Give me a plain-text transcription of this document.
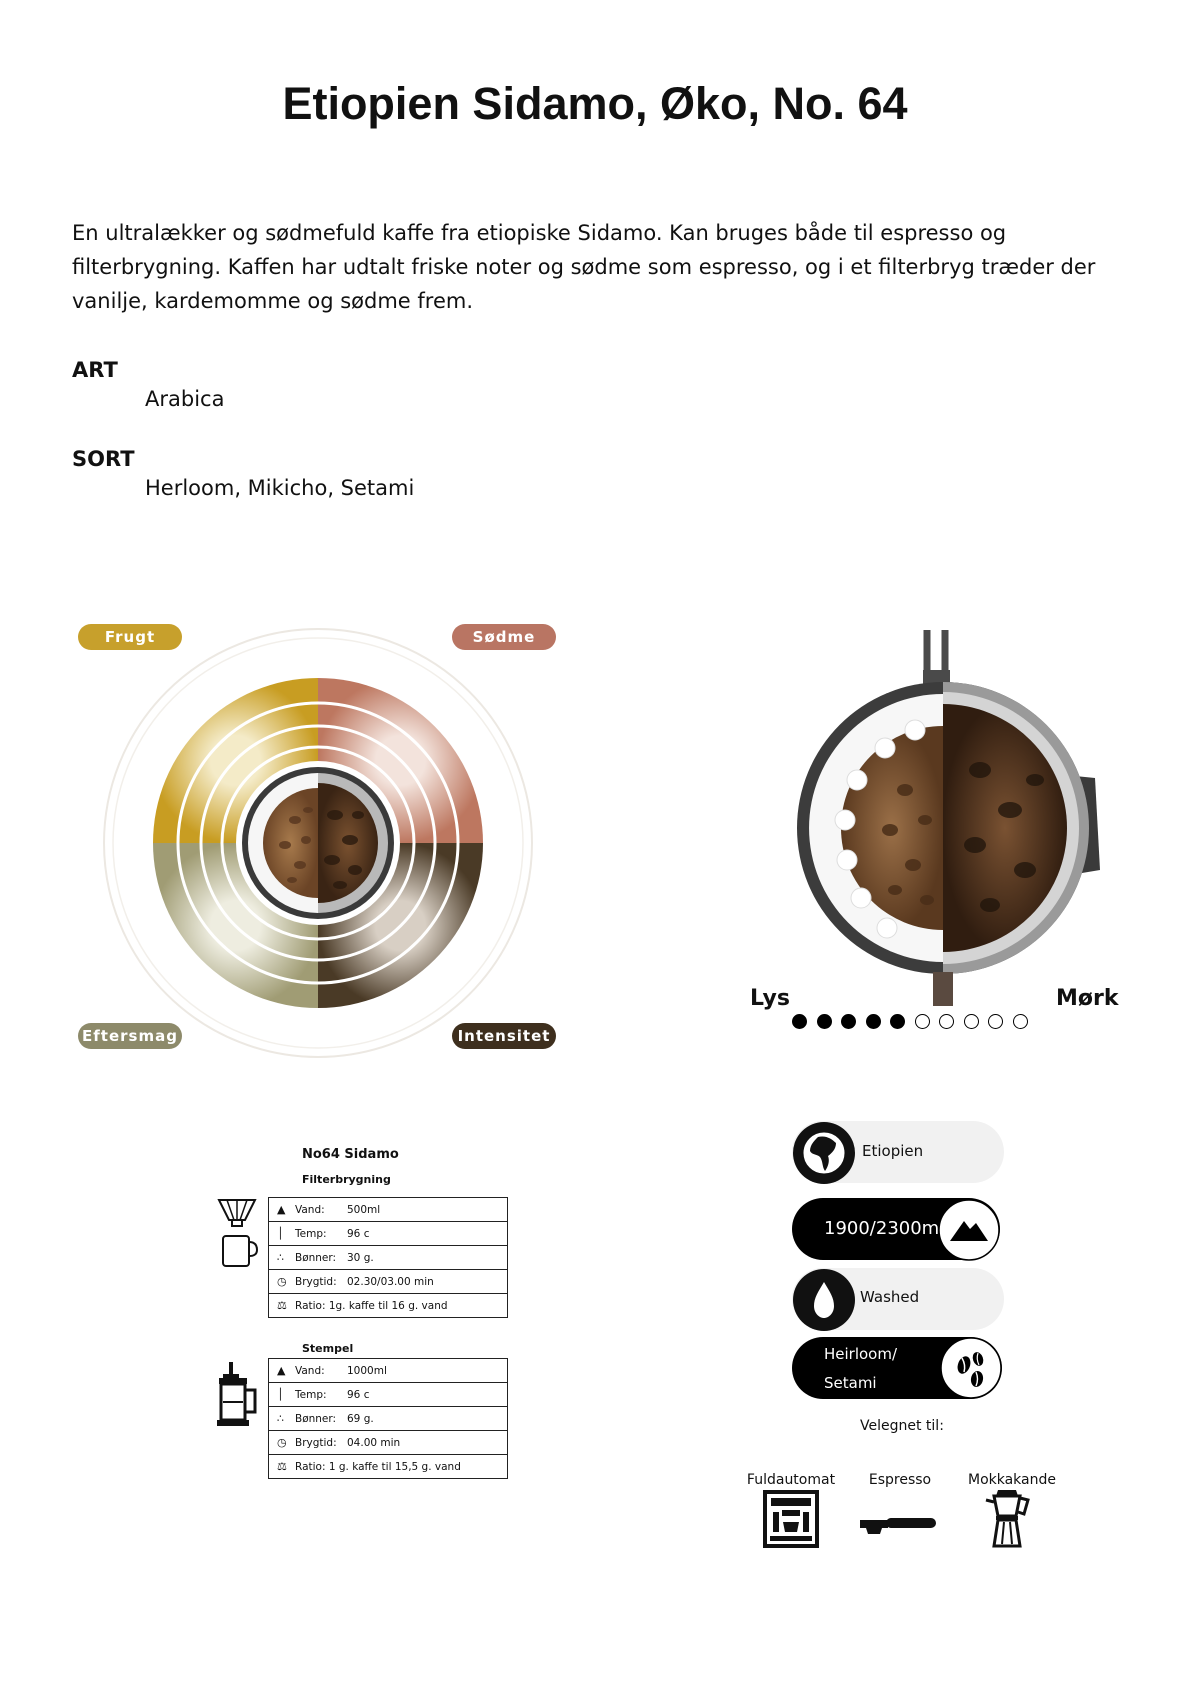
Etiopien Sidamo, Øko, No. 64

En ultralækker og sødmefuld kaffe fra etiopiske Sidamo. Kan bruges både til espresso og filterbrygning. Kaffen har udtalt friske noter og sødme som espresso, og i et filterbryg træder der vanilje, kardemomme og sødme frem.

ART
Arabica
SORT
Herloom, Mikicho, Setami
Frugt	Sødme
Eftersmag	Intensitet
Lys	Mørk
No64 Sidamo
Filterbrygning
▲ Vand: 500ml
│ Temp: 96 c
∴ Bønner: 30 g.
◷ Brygtid: 02.30/03.00 min
⚖ Ratio: 1g. kaffe til 16 g. vand
Stempel
▲ Vand: 1000ml
│ Temp: 96 c
∴ Bønner: 69 g.
◷ Brygtid: 04.00 min
⚖ Ratio: 1 g. kaffe til 15,5 g. vand
Etiopien
1900/2300m
Washed
Heirloom/
Setami
Velegnet til:
Fuldautomat	Espresso	Mokkakande
